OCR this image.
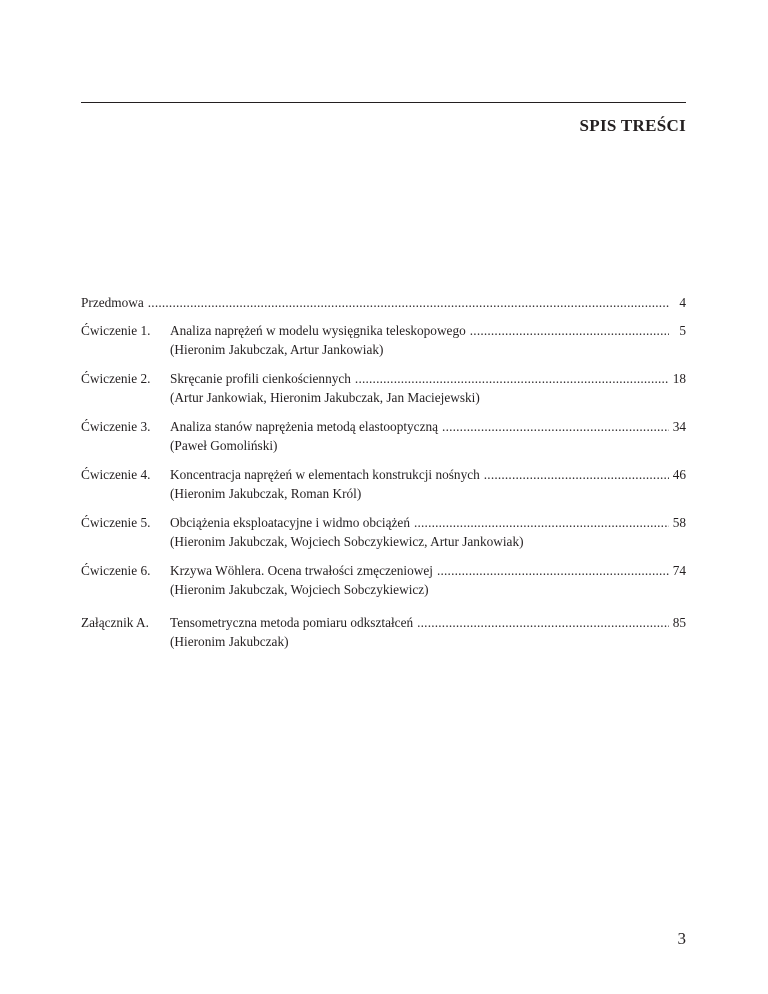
SPIS TREŚCI
Przedmowa .....	4
Ćwiczenie 1.	Analiza naprężeń w modelu wysięgnika teleskopowego .....	5
(Hieronim Jakubczak, Artur Jankowiak)
Ćwiczenie 2.	Skręcanie profili cienkościennych .....	18
(Artur Jankowiak, Hieronim Jakubczak, Jan Maciejewski)
Ćwiczenie 3.	Analiza stanów naprężenia metodą elastooptyczną .....	34
(Paweł Gomoliński)
Ćwiczenie 4.	Koncentracja naprężeń w elementach konstrukcji nośnych .....	46
(Hieronim Jakubczak, Roman Król)
Ćwiczenie 5.	Obciążenia eksploatacyjne i widmo obciążeń .....	58
(Hieronim Jakubczak, Wojciech Sobczykiewicz, Artur Jankowiak)
Ćwiczenie 6.	Krzywa Wöhlera. Ocena trwałości zmęczeniowej .....	74
(Hieronim Jakubczak, Wojciech Sobczykiewicz)
Załącznik A.	Tensometryczna metoda pomiaru odkształceń .....	85
(Hieronim Jakubczak)
3
